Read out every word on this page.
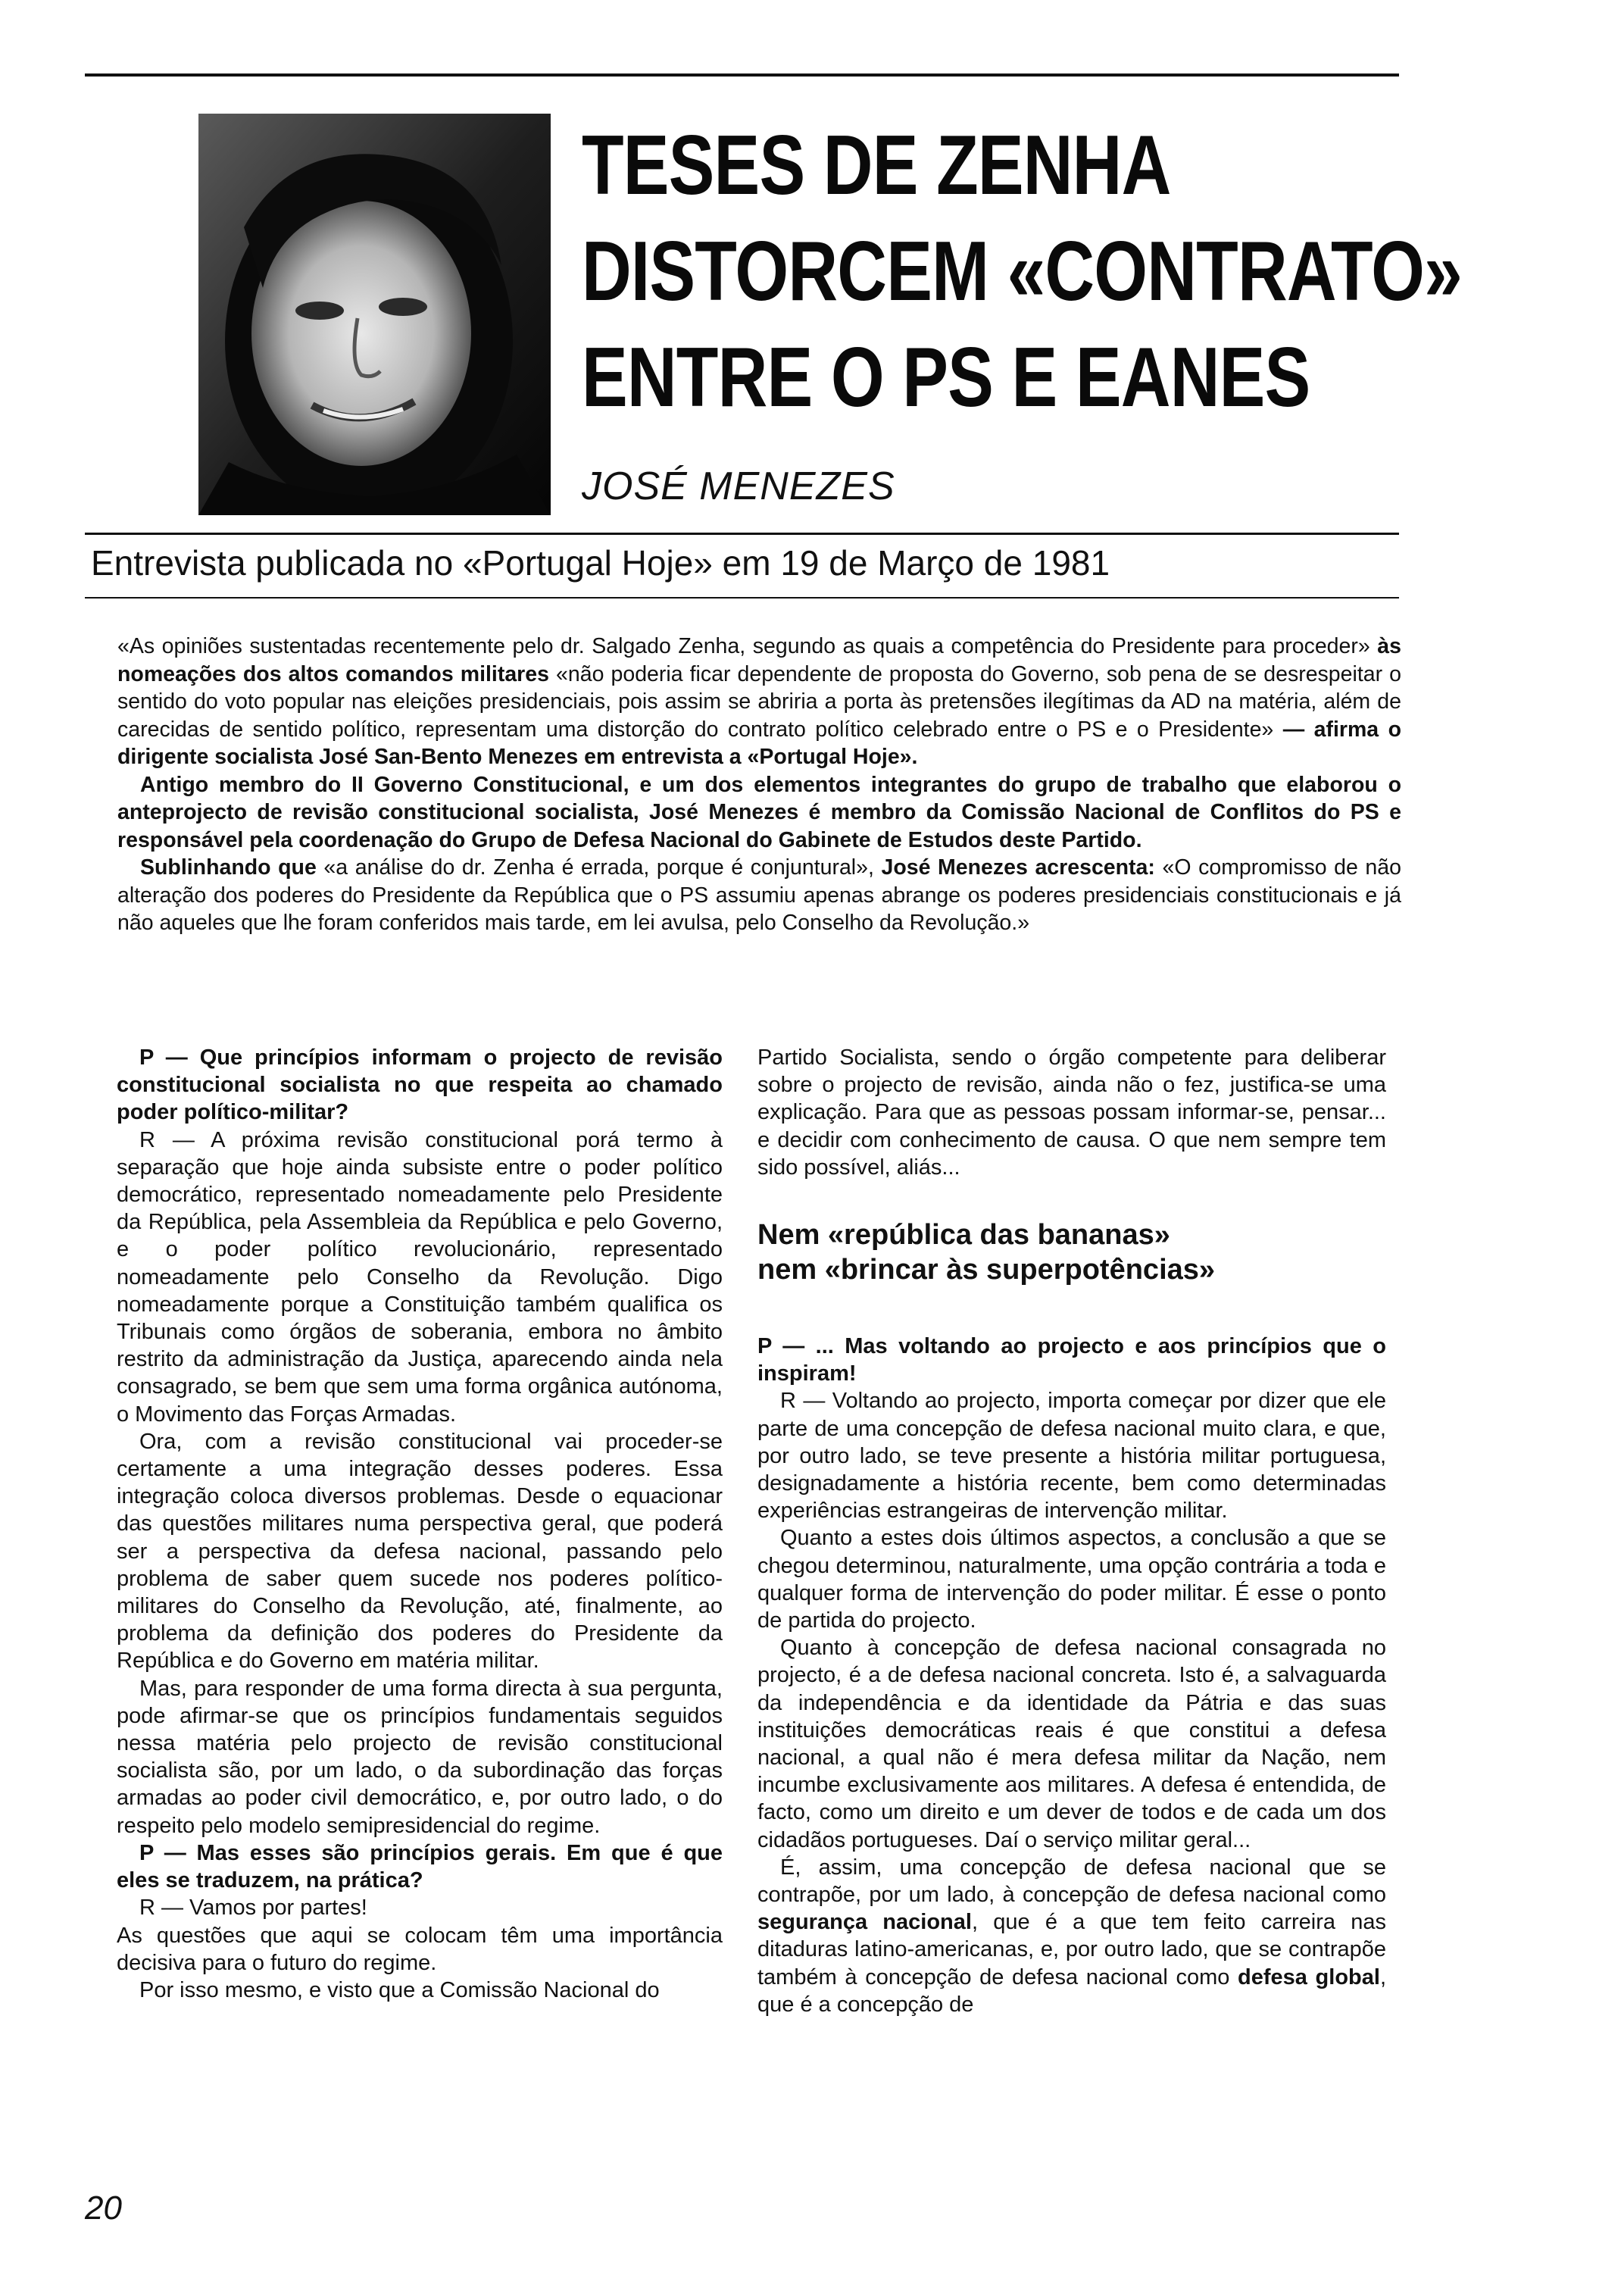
TESES DE ZENHA
DISTORCEM «CONTRATO»
ENTRE O PS E EANES
JOSÉ MENEZES
Entrevista publicada no «Portugal Hoje» em 19 de Março de 1981

«As opiniões sustentadas recentemente pelo dr. Salgado Zenha, segundo as quais a competência do Presidente para proceder» às nomeações dos altos comandos militares «não poderia ficar dependente de proposta do Governo, sob pena de se desrespeitar o sentido do voto popular nas eleições presidenciais, pois assim se abriria a porta às pretensões ilegítimas da AD na matéria, além de carecidas de sentido político, representam uma distorção do contrato político celebrado entre o PS e o Presidente» — afirma o dirigente socialista José San-Bento Menezes em entrevista a «Portugal Hoje».

Antigo membro do II Governo Constitucional, e um dos elementos integrantes do grupo de trabalho que elaborou o anteprojecto de revisão constitucional socialista, José Menezes é membro da Comissão Nacional de Conflitos do PS e responsável pela coordenação do Grupo de Defesa Nacional do Gabinete de Estudos deste Partido.

Sublinhando que «a análise do dr. Zenha é errada, porque é conjuntural», José Menezes acrescenta: «O compromisso de não alteração dos poderes do Presidente da República que o PS assumiu apenas abrange os poderes presidenciais constitucionais e já não aqueles que lhe foram conferidos mais tarde, em lei avulsa, pelo Conselho da Revolução.»

P — Que princípios informam o projecto de revisão constitucional socialista no que respeita ao chamado poder político-militar?

R — A próxima revisão constitucional porá termo à separação que hoje ainda subsiste entre o poder político democrático, representado nomeadamente pelo Presidente da República, pela Assembleia da República e pelo Governo, e o poder político revolucionário, representado nomeadamente pelo Conselho da Revolução. Digo nomeadamente porque a Constituição também qualifica os Tribunais como órgãos de soberania, embora no âmbito restrito da administração da Justiça, aparecendo ainda nela consagrado, se bem que sem uma forma orgânica autónoma, o Movimento das Forças Armadas.

Ora, com a revisão constitucional vai proceder-se certamente a uma integração desses poderes. Essa integração coloca diversos problemas. Desde o equacionar das questões militares numa perspectiva geral, que poderá ser a perspectiva da defesa nacional, passando pelo problema de saber quem sucede nos poderes político-militares do Conselho da Revolução, até, finalmente, ao problema da definição dos poderes do Presidente da República e do Governo em matéria militar.

Mas, para responder de uma forma directa à sua pergunta, pode afirmar-se que os princípios fundamentais seguidos nessa matéria pelo projecto de revisão constitucional socialista são, por um lado, o da subordinação das forças armadas ao poder civil democrático, e, por outro lado, o do respeito pelo modelo semipresidencial do regime.

P — Mas esses são princípios gerais. Em que é que eles se traduzem, na prática?

R — Vamos por partes!

As questões que aqui se colocam têm uma importância decisiva para o futuro do regime.

Por isso mesmo, e visto que a Comissão Nacional do

Partido Socialista, sendo o órgão competente para deliberar sobre o projecto de revisão, ainda não o fez, justifica-se uma explicação. Para que as pessoas possam informar-se, pensar... e decidir com conhecimento de causa. O que nem sempre tem sido possível, aliás...

Nem «república das bananas»
nem «brincar às superpotências»

P — ... Mas voltando ao projecto e aos princípios que o inspiram!

R — Voltando ao projecto, importa começar por dizer que ele parte de uma concepção de defesa nacional muito clara, e que, por outro lado, se teve presente a história militar portuguesa, designadamente a história recente, bem como determinadas experiências estrangeiras de intervenção militar.

Quanto a estes dois últimos aspectos, a conclusão a que se chegou determinou, naturalmente, uma opção contrária a toda e qualquer forma de intervenção do poder militar. É esse o ponto de partida do projecto.

Quanto à concepção de defesa nacional consagrada no projecto, é a de defesa nacional concreta. Isto é, a salvaguarda da independência e da identidade da Pátria e das suas instituições democráticas reais é que constitui a defesa nacional, a qual não é mera defesa militar da Nação, nem incumbe exclusivamente aos militares. A defesa é entendida, de facto, como um direito e um dever de todos e de cada um dos cidadãos portugueses. Daí o serviço militar geral...

É, assim, uma concepção de defesa nacional que se contrapõe, por um lado, à concepção de defesa nacional como segurança nacional, que é a que tem feito carreira nas ditaduras latino-americanas, e, por outro lado, que se contrapõe também à concepção de defesa nacional como defesa global, que é a concepção de

20
